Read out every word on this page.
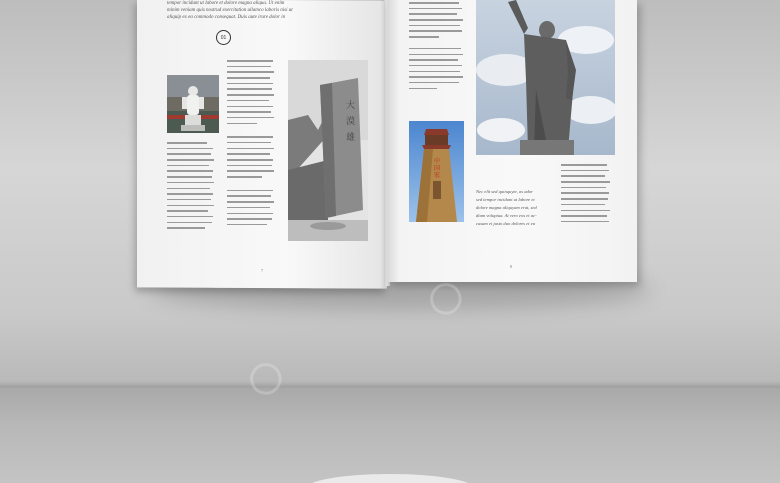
tempor incidunt ut labore et dolore magna aliqua. Ut enim
minim veniam quis nostrud exercitation ullamco laboris nisi ut
aliquip ex ea commodo consequat. Duis aute irure dolor in
01
大
漠
雄
7
中
国
宏
Nec elit sed quinquyte, as ador
sed tempor incidunt ut labore et
dolore magna aliquyam erat, sed
diam voluptua. At vero eos et ac-
cusam et justo duo dolores et ea
8
◯
◯
